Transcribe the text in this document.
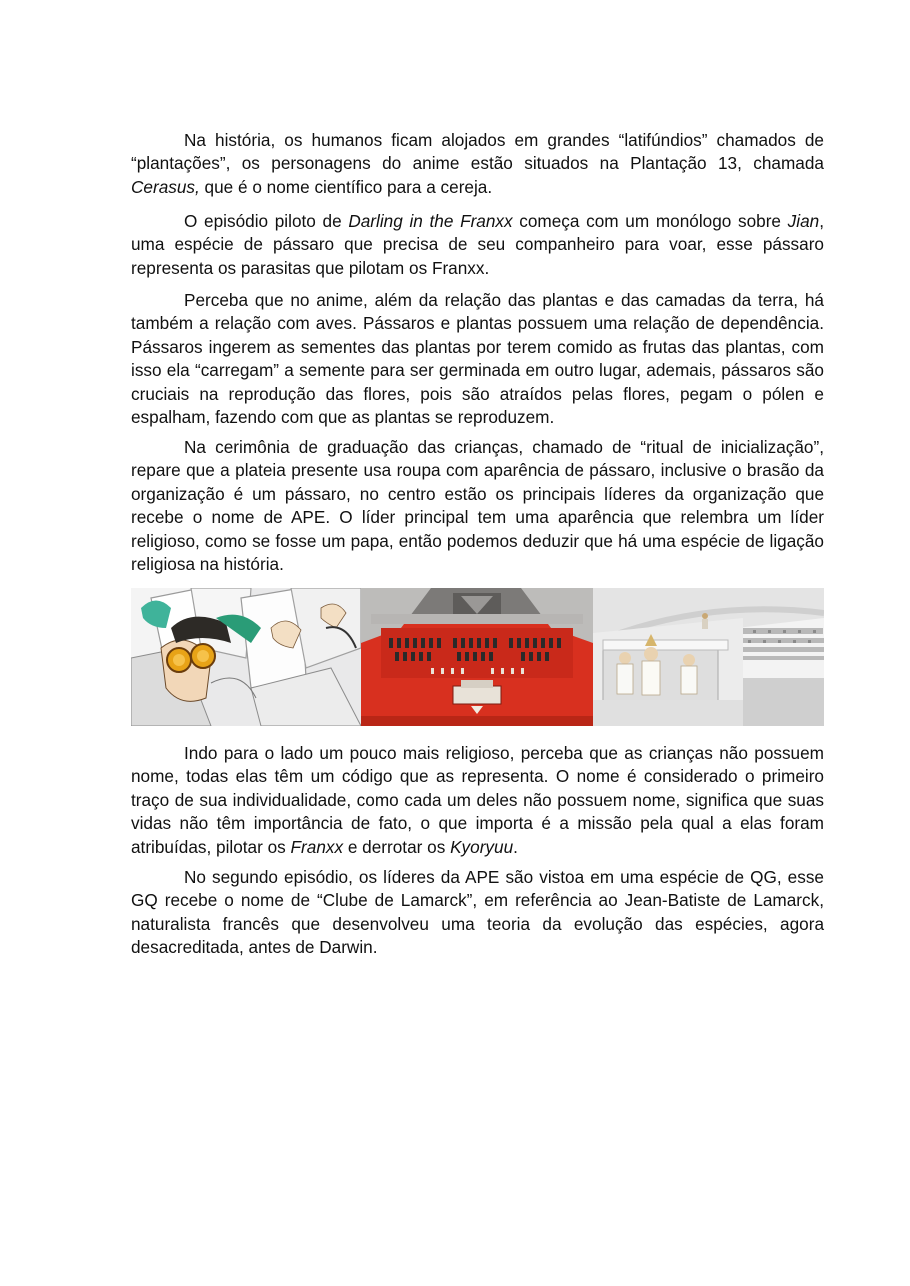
Na história, os humanos ficam alojados em grandes “latifúndios” chamados de “plantações”, os personagens do anime estão situados na Plantação 13, chamada Cerasus, que é o nome científico para a cereja.

O episódio piloto de Darling in the Franxx começa com um monólogo sobre Jian, uma espécie de pássaro que precisa de seu companheiro para voar, esse pássaro representa os parasitas que pilotam os Franxx.

Perceba que no anime, além da relação das plantas e das camadas da terra, há também a relação com aves. Pássaros e plantas possuem uma relação de dependência. Pássaros ingerem as sementes das plantas por terem comido as frutas das plantas, com isso ela “carregam” a semente para ser germinada em outro lugar, ademais, pássaros são cruciais na reprodução das flores, pois são atraídos pelas flores, pegam o pólen e espalham, fazendo com que as plantas se reproduzem.

Na cerimônia de graduação das crianças, chamado de “ritual de inicialização”, repare que a plateia presente usa roupa com aparência de pássaro, inclusive o brasão da organização é um pássaro, no centro estão os principais líderes da organização que recebe o nome de APE. O líder principal tem uma aparência que relembra um líder religioso, como se fosse um papa, então podemos deduzir que há uma espécie de ligação religiosa na história.

Indo para o lado um pouco mais religioso, perceba que as crianças não possuem nome, todas elas têm um código que as representa. O nome é considerado o primeiro traço de sua individualidade, como cada um deles não possuem nome, significa que suas vidas não têm importância de fato, o que importa é a missão pela qual a elas foram atribuídas, pilotar os Franxx e derrotar os Kyoryuu.

No segundo episódio, os líderes da APE são vistoa em uma espécie de QG, esse GQ recebe o nome de “Clube de Lamarck”, em referência ao Jean-Batiste de Lamarck, naturalista francês que desenvolveu uma teoria da evolução das espécies, agora desacreditada, antes de Darwin.
